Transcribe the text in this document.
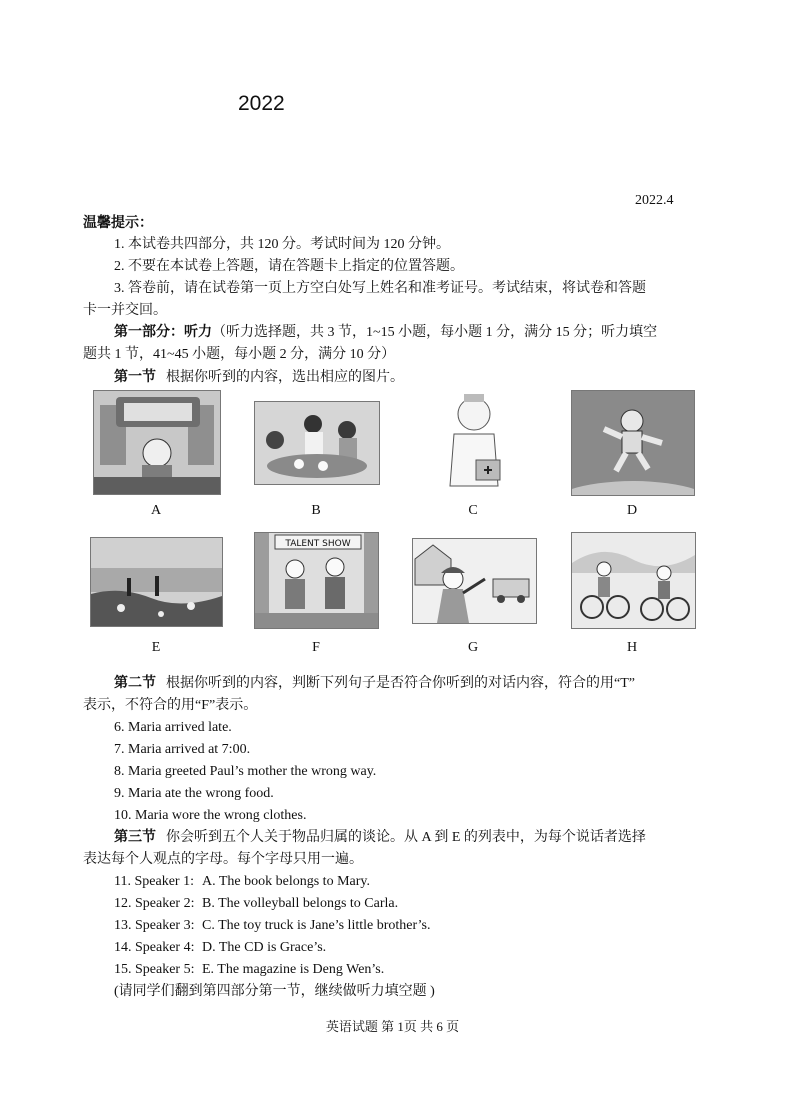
2022
2022.4
温馨提示：
1. 本试卷共四部分，共 120 分。考试时间为 120 分钟。
2. 不要在本试卷上答题，请在答题卡上指定的位置答题。
3. 答卷前，请在试卷第一页上方空白处写上姓名和准考证号。考试结束，将试卷和答题
卡一并交回。
第一部分：听力（听力选择题，共 3 节，1~15 小题，每小题 1 分，满分 15 分；听力填空
题共 1 节，41~45 小题，每小题 2 分，满分 10 分）
第一节 根据你听到的内容，选出相应的图片。
A	B	C	D
TALENT SHOW
E	F	G	H
第二节 根据你听到的内容，判断下列句子是否符合你听到的对话内容，符合的用“T”
表示，不符合的用“F”表示。
6. Maria arrived late.
7. Maria arrived at 7:00.
8. Maria greeted Paul’s mother the wrong way.
9. Maria ate the wrong food.
10. Maria wore the wrong clothes.
第三节 你会听到五个人关于物品归属的谈论。从 A 到 E 的列表中，为每个说话者选择
表达每个人观点的字母。每个字母只用一遍。
11. Speaker 1: A. The book belongs to Mary.
12. Speaker 2: B. The volleyball belongs to Carla.
13. Speaker 3: C. The toy truck is Jane’s little brother’s.
14. Speaker 4: D. The CD is Grace’s.
15. Speaker 5: E. The magazine is Deng Wen’s.
(请同学们翻到第四部分第一节，继续做听力填空题 )
英语试题 第 1页 共 6 页
